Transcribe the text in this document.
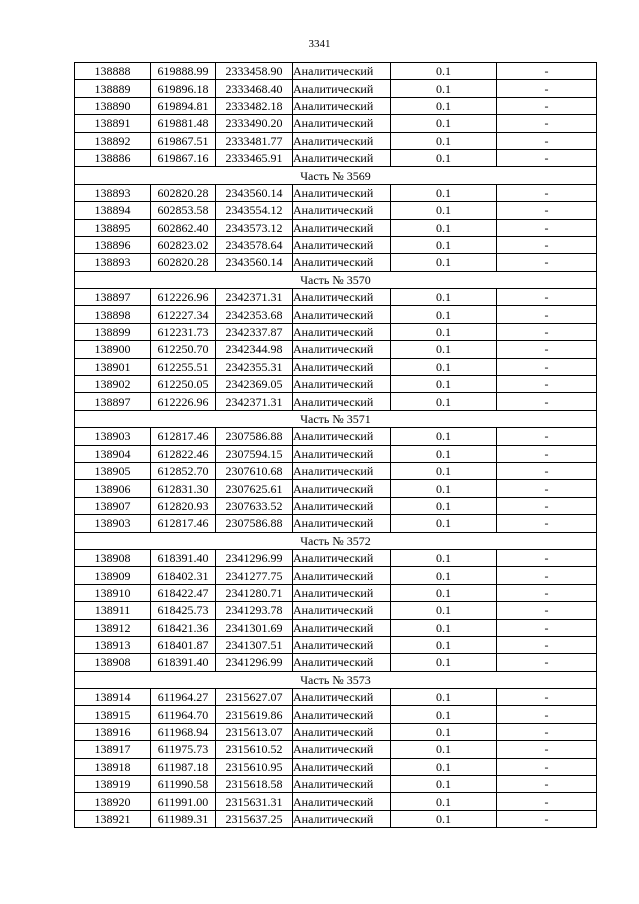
3341
138888	619888.99	2333458.90	Аналитический	0.1	-
138889	619896.18	2333468.40	Аналитический	0.1	-
138890	619894.81	2333482.18	Аналитический	0.1	-
138891	619881.48	2333490.20	Аналитический	0.1	-
138892	619867.51	2333481.77	Аналитический	0.1	-
138886	619867.16	2333465.91	Аналитический	0.1	-
Часть № 3569					
138893	602820.28	2343560.14	Аналитический	0.1	-
138894	602853.58	2343554.12	Аналитический	0.1	-
138895	602862.40	2343573.12	Аналитический	0.1	-
138896	602823.02	2343578.64	Аналитический	0.1	-
138893	602820.28	2343560.14	Аналитический	0.1	-
Часть № 3570					
138897	612226.96	2342371.31	Аналитический	0.1	-
138898	612227.34	2342353.68	Аналитический	0.1	-
138899	612231.73	2342337.87	Аналитический	0.1	-
138900	612250.70	2342344.98	Аналитический	0.1	-
138901	612255.51	2342355.31	Аналитический	0.1	-
138902	612250.05	2342369.05	Аналитический	0.1	-
138897	612226.96	2342371.31	Аналитический	0.1	-
Часть № 3571					
138903	612817.46	2307586.88	Аналитический	0.1	-
138904	612822.46	2307594.15	Аналитический	0.1	-
138905	612852.70	2307610.68	Аналитический	0.1	-
138906	612831.30	2307625.61	Аналитический	0.1	-
138907	612820.93	2307633.52	Аналитический	0.1	-
138903	612817.46	2307586.88	Аналитический	0.1	-
Часть № 3572					
138908	618391.40	2341296.99	Аналитический	0.1	-
138909	618402.31	2341277.75	Аналитический	0.1	-
138910	618422.47	2341280.71	Аналитический	0.1	-
138911	618425.73	2341293.78	Аналитический	0.1	-
138912	618421.36	2341301.69	Аналитический	0.1	-
138913	618401.87	2341307.51	Аналитический	0.1	-
138908	618391.40	2341296.99	Аналитический	0.1	-
Часть № 3573					
138914	611964.27	2315627.07	Аналитический	0.1	-
138915	611964.70	2315619.86	Аналитический	0.1	-
138916	611968.94	2315613.07	Аналитический	0.1	-
138917	611975.73	2315610.52	Аналитический	0.1	-
138918	611987.18	2315610.95	Аналитический	0.1	-
138919	611990.58	2315618.58	Аналитический	0.1	-
138920	611991.00	2315631.31	Аналитический	0.1	-
138921	611989.31	2315637.25	Аналитический	0.1	-
